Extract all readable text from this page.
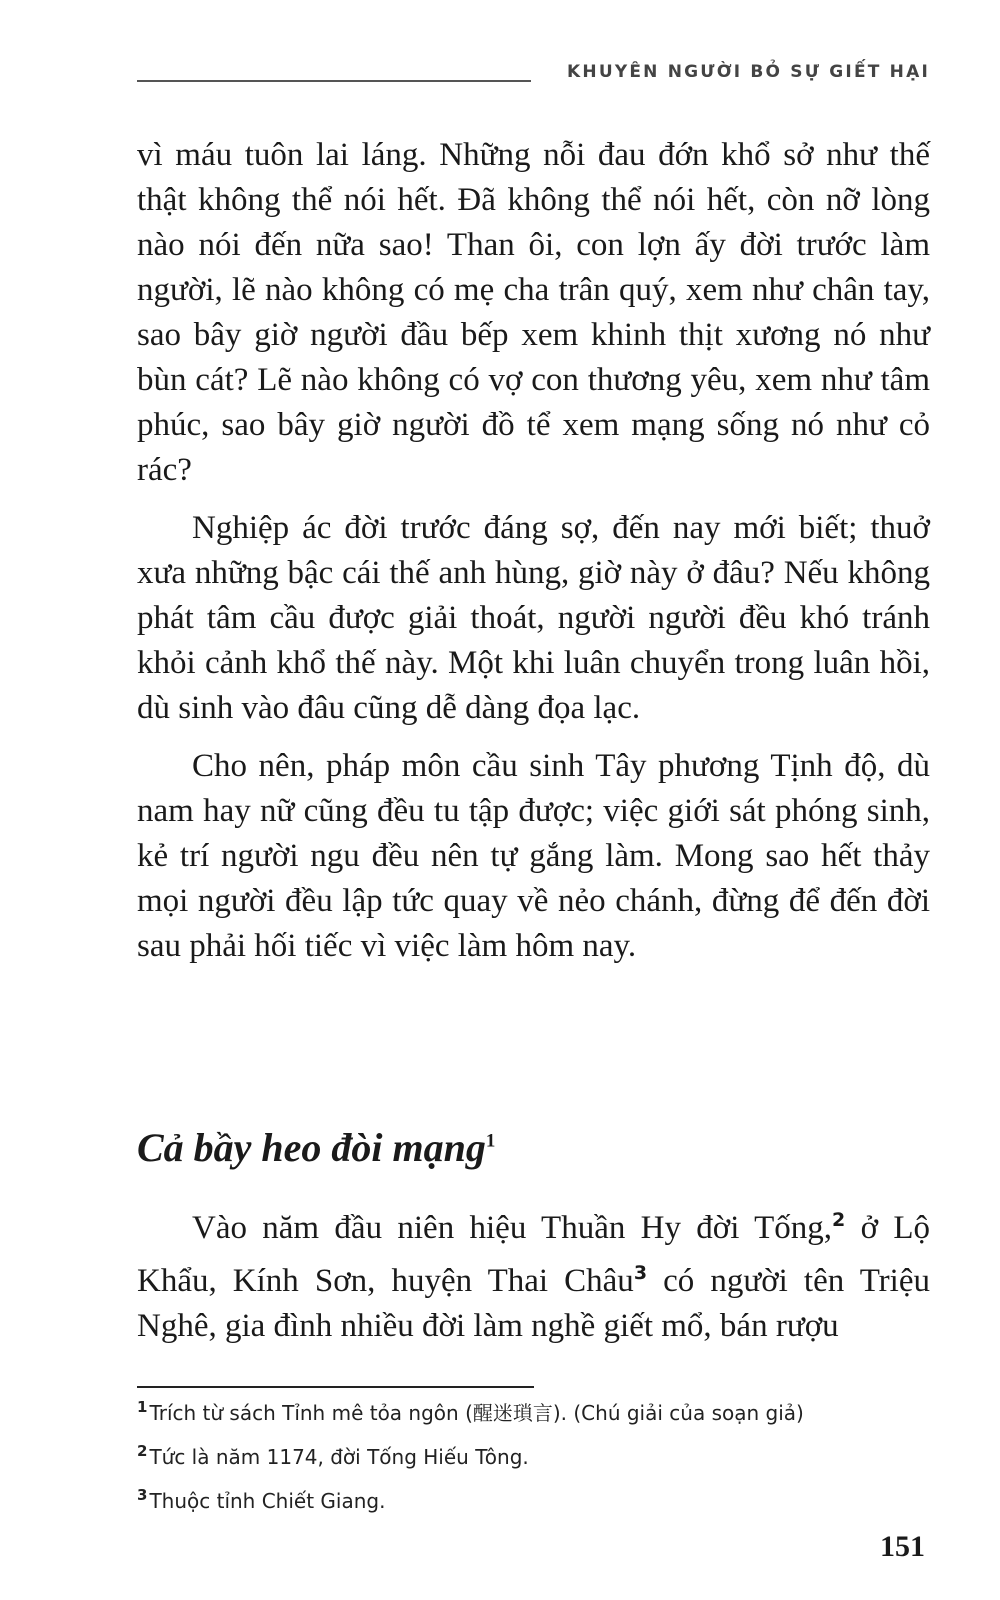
KHUYÊN NGƯỜI BỎ SỰ GIẾT HẠI

vì máu tuôn lai láng. Những nỗi đau đớn khổ sở như thế thật không thể nói hết. Đã không thể nói hết, còn nỡ lòng nào nói đến nữa sao! Than ôi, con lợn ấy đời trước làm người, lẽ nào không có mẹ cha trân quý, xem như chân tay, sao bây giờ người đầu bếp xem khinh thịt xương nó như bùn cát? Lẽ nào không có vợ con thương yêu, xem như tâm phúc, sao bây giờ người đồ tể xem mạng sống nó như cỏ rác?

Nghiệp ác đời trước đáng sợ, đến nay mới biết; thuở xưa những bậc cái thế anh hùng, giờ này ở đâu? Nếu không phát tâm cầu được giải thoát, người người đều khó tránh khỏi cảnh khổ thế này. Một khi luân chuyển trong luân hồi, dù sinh vào đâu cũng dễ dàng đọa lạc.

Cho nên, pháp môn cầu sinh Tây phương Tịnh độ, dù nam hay nữ cũng đều tu tập được; việc giới sát phóng sinh, kẻ trí người ngu đều nên tự gắng làm. Mong sao hết thảy mọi người đều lập tức quay về nẻo chánh, đừng để đến đời sau phải hối tiếc vì việc làm hôm nay.

Cả bầy heo đòi mạng$^1$

Vào năm đầu niên hiệu Thuần Hy đời Tống,$^2$ ở Lộ Khẩu, Kính Sơn, huyện Thai Châu$^3$ có người tên Triệu Nghê, gia đình nhiều đời làm nghề giết mổ, bán rượu

$^1$ Trích từ sách Tỉnh mê tỏa ngôn (醒迷瑣言). (Chú giải của soạn giả)
$^2$ Tức là năm 1174, đời Tống Hiếu Tông.
$^3$ Thuộc tỉnh Chiết Giang.
151
